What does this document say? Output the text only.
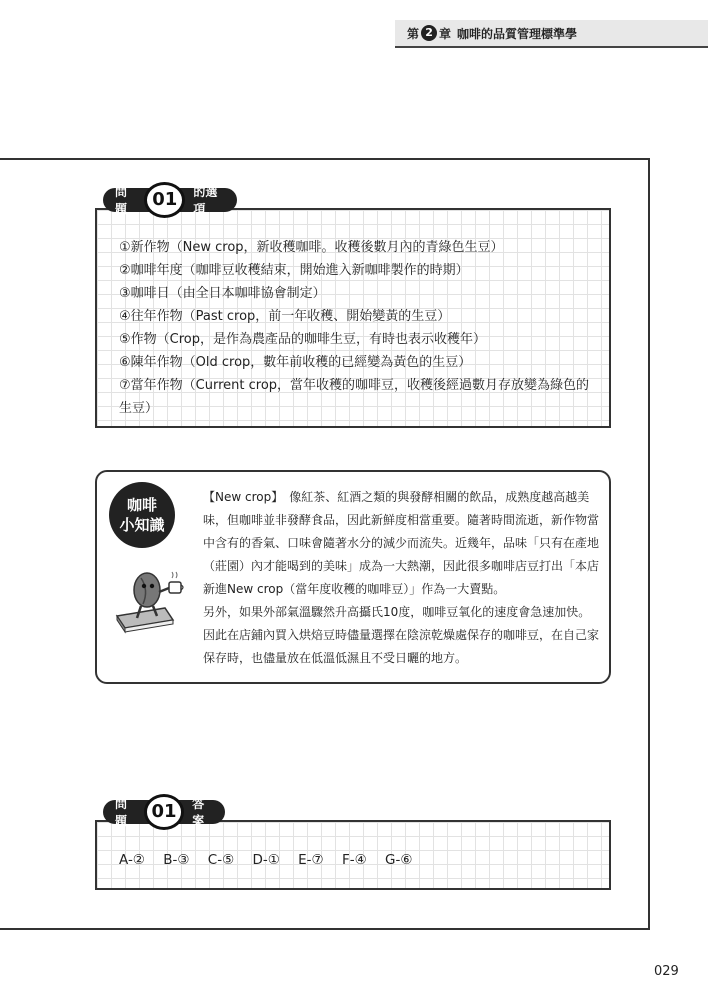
第 2 章 咖啡的品質管理標準學
①新作物（New crop，新收穫咖啡。收穫後數月內的青綠色生豆）
②咖啡年度（咖啡豆收穫結束，開始進入新咖啡製作的時期）
③咖啡日（由全日本咖啡協會制定）
④往年作物（Past crop，前一年收穫、開始變黃的生豆）
⑤作物（Crop，是作為農產品的咖啡生豆，有時也表示收穫年）
⑥陳年作物（Old crop，數年前收穫的已經變為黃色的生豆）
⑦當年作物（Current crop，當年收穫的咖啡豆，收穫後經過數月存放變為綠色的生豆）
問題	01	的選項
咖啡
小知識

【New crop】　像紅茶、紅酒之類的與發酵相關的飲品，成熟度越高越美味，但咖啡並非發酵食品，因此新鮮度相當重要。隨著時間流逝，新作物當中含有的香氣、口味會隨著水分的減少而流失。近幾年，品味「只有在產地（莊園）內才能喝到的美味」成為一大熱潮，因此很多咖啡店豆打出「本店新進New crop（當年度收穫的咖啡豆）」作為一大賣點。

另外，如果外部氣溫驟然升高攝氏10度，咖啡豆氧化的速度會急速加快。因此在店鋪內買入烘焙豆時儘量選擇在陰涼乾燥處保存的咖啡豆，在自己家保存時，也儘量放在低溫低濕且不受日曬的地方。

A-② B-③ C-⑤ D-① E-⑦ F-④ G-⑥
問題	01	答案
029
